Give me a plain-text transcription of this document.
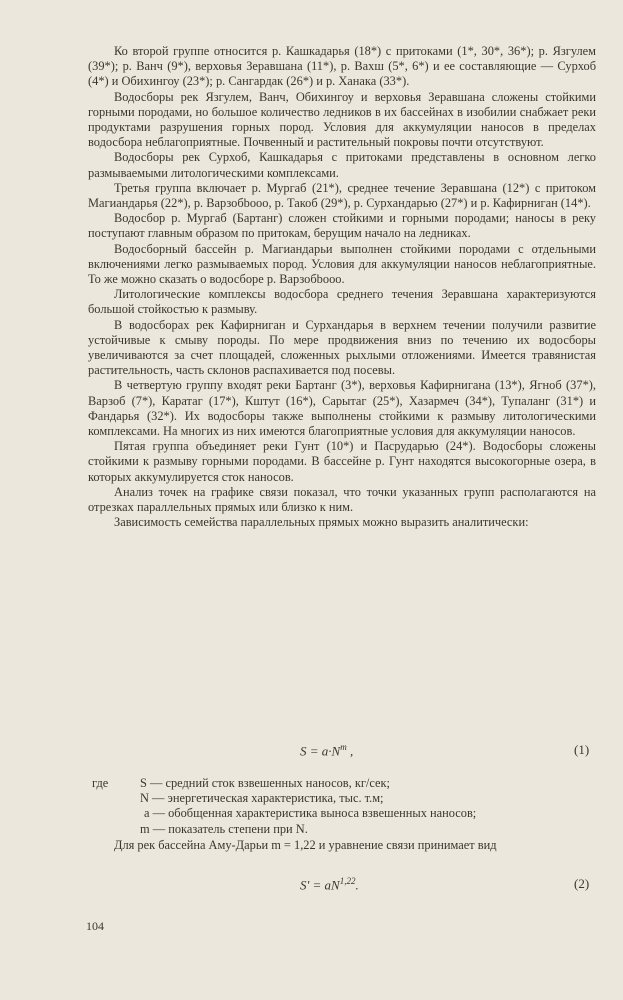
Ко второй группе относится р. Кашкадарья (18*) с притоками (1*, 30*, 36*); р. Язгулем (39*); р. Ванч (9*), верховья Зеравшана (11*), р. Вахш (5*, 6*) и ее составляющие — Сурхоб (4*) и Обихингоу (23*); р. Сангардак (26*) и р. Ханака (33*).

Водосборы рек Язгулем, Ванч, Обихингоу и верховья Зеравшана сложены стойкими горными породами, но большое количество ледников в их бассейнах в изобилии снабжает реки продуктами разрушения горных пород. Условия для аккумуляции наносов в пределах водосбора неблагоприятные. Почвенный и растительный покровы почти отсутствуют.

Водосборы рек Сурхоб, Кашкадарья с притоками представлены в основном легко размываемыми литологическими комплексами.

Третья группа включает р. Мургаб (21*), среднее течение Зеравшана (12*) с притоком Магиандарья (22*), р. Варзобbooo, р. Такоб (29*), р. Сурхандарью (27*) и р. Кафирниган (14*).

Водосбор р. Мургаб (Бартанг) сложен стойкими и горными породами; наносы в реку поступают главным образом по притокам, берущим начало на ледниках.

Водосборный бассейн р. Магиандарьи выполнен стойкими породами с отдельными включениями легко размываемых пород. Условия для аккумуляции наносов неблагоприятные. То же можно сказать о водосборе р. Варзобbooo.

Литологические комплексы водосбора среднего течения Зеравшана характеризуются большой стойкостью к размыву.

В водосборах рек Кафирниган и Сурхандарья в верхнем течении получили развитие устойчивые к смыву породы. По мере продвижения вниз по течению их водосборы увеличиваются за счет площадей, сложенных рыхлыми отложениями. Имеется травянистая растительность, часть склонов распахивается под посевы.

В четвертую группу входят реки Бартанг (3*), верховья Кафирнигана (13*), Ягноб (37*), Варзоб (7*), Каратаг (17*), Кштут (16*), Сарытаг (25*), Хазармеч (34*), Тупаланг (31*) и Фандарья (32*). Их водосборы также выполнены стойкими к размыву литологическими комплексами. На многих из них имеются благоприятные условия для аккумуляции наносов.

Пятая группа объединяет реки Гунт (10*) и Пасрударью (24*). Водосборы сложены стойкими к размыву горными породами. В бассейне р. Гунт находятся высокогорные озера, в которых аккумулируется сток наносов.

Анализ точек на графике связи показал, что точки указанных групп располагаются на отрезках параллельных прямых или близко к ним.

Зависимость семейства параллельных прямых можно выразить аналитически:

$S = a\cdot N^m$ ,	(1)
где	S — средний сток взвешенных наносов, кг/сек;
N — энергетическая характеристика, тыс. т.м;
a — обобщенная характеристика выноса взвешенных наносов;
m — показатель степени при N.

Для рек бассейна Аму-Дарьи m = 1,22 и уравнение связи принимает вид

S' = aN$^{1,22}$.	(2)
104
